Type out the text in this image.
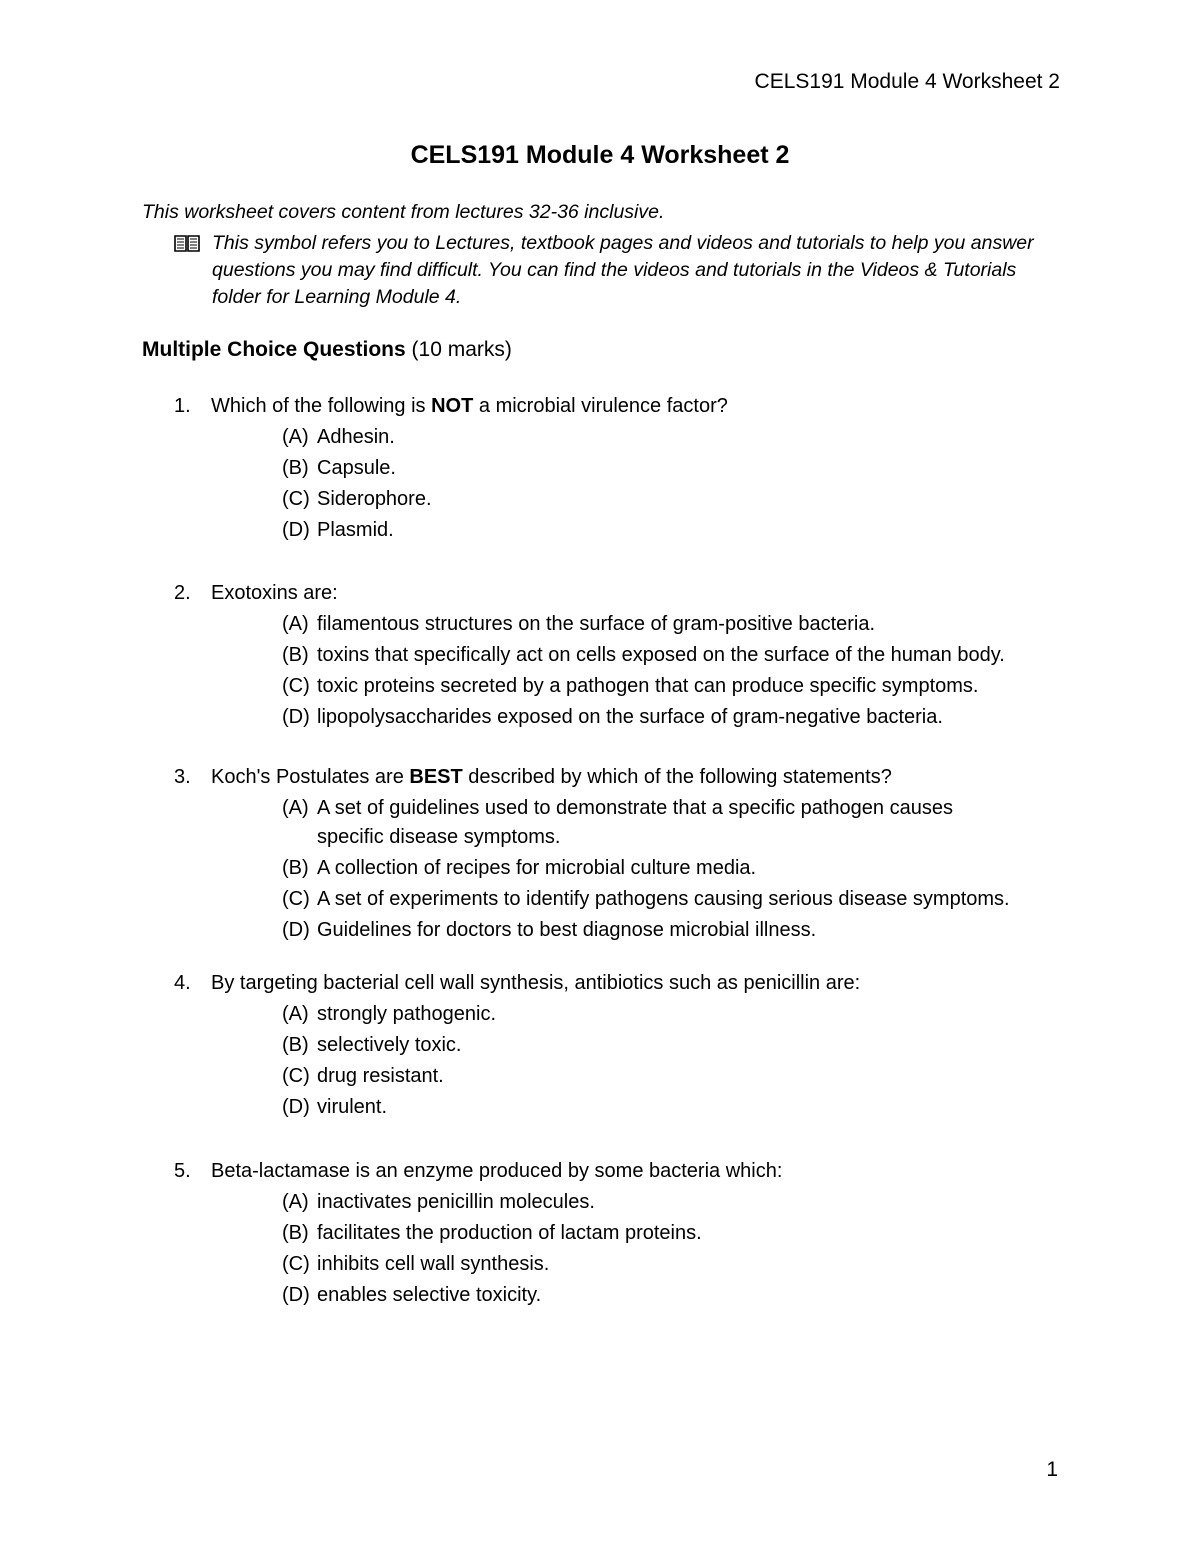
CELS191 Module 4 Worksheet 2
CELS191 Module 4 Worksheet 2
This worksheet covers content from lectures 32-36 inclusive.
This symbol refers you to Lectures, textbook pages and videos and tutorials to help you answer questions you may find difficult. You can find the videos and tutorials in the Videos & Tutorials folder for Learning Module 4.
Multiple Choice Questions (10 marks)
1.	Which of the following is NOT a microbial virulence factor?
(A) Adhesin.
(B) Capsule.
(C) Siderophore.
(D) Plasmid.
2.	Exotoxins are:
(A) filamentous structures on the surface of gram-positive bacteria.
(B) toxins that specifically act on cells exposed on the surface of the human body.
(C) toxic proteins secreted by a pathogen that can produce specific symptoms.
(D) lipopolysaccharides exposed on the surface of gram-negative bacteria.
3.	Koch's Postulates are BEST described by which of the following statements?
(A) A set of guidelines used to demonstrate that a specific pathogen causes specific disease symptoms.
(B) A collection of recipes for microbial culture media.
(C) A set of experiments to identify pathogens causing serious disease symptoms.
(D) Guidelines for doctors to best diagnose microbial illness.
4.	By targeting bacterial cell wall synthesis, antibiotics such as penicillin are:
(A) strongly pathogenic.
(B) selectively toxic.
(C) drug resistant.
(D) virulent.
5.	Beta-lactamase is an enzyme produced by some bacteria which:
(A) inactivates penicillin molecules.
(B) facilitates the production of lactam proteins.
(C) inhibits cell wall synthesis.
(D) enables selective toxicity.
1
